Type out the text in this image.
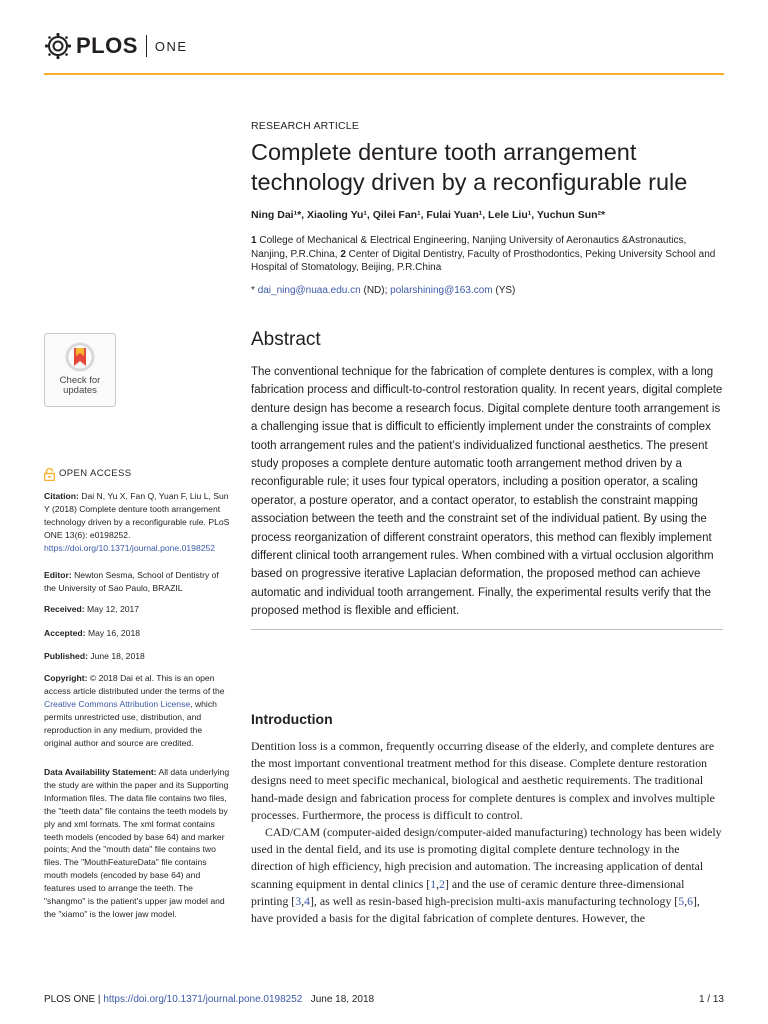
PLOS ONE
RESEARCH ARTICLE
Complete denture tooth arrangement technology driven by a reconfigurable rule
Ning Dai¹*, Xiaoling Yu¹, Qilei Fan¹, Fulai Yuan¹, Lele Liu¹, Yuchun Sun²*
1 College of Mechanical & Electrical Engineering, Nanjing University of Aeronautics &Astronautics, Nanjing, P.R.China, 2 Center of Digital Dentistry, Faculty of Prosthodontics, Peking University School and Hospital of Stomatology, Beijing, P.R.China
* dai_ning@nuaa.edu.cn (ND); polarshining@163.com (YS)
Abstract

The conventional technique for the fabrication of complete dentures is complex, with a long fabrication process and difficult-to-control restoration quality. In recent years, digital complete denture design has become a research focus. Digital complete denture tooth arrangement is a challenging issue that is difficult to efficiently implement under the constraints of complex tooth arrangement rules and the patient’s individualized functional aesthetics. The present study proposes a complete denture automatic tooth arrangement method driven by a reconfigurable rule; it uses four typical operators, including a position operator, a scaling operator, a posture operator, and a contact operator, to establish the constraint mapping association between the teeth and the constraint set of the individual patient. By using the process reorganization of different constraint operators, this method can flexibly implement different clinical tooth arrangement rules. When combined with a virtual occlusion algorithm based on progressive iterative Laplacian deformation, the proposed method can achieve automatic and individual tooth arrangement. Finally, the experimental results verify that the proposed method is flexible and efficient.

Introduction

Dentition loss is a common, frequently occurring disease of the elderly, and complete dentures are the most important conventional treatment method for this disease. Complete denture restoration designs need to meet specific mechanical, biological and aesthetic requirements. The traditional hand-made design and fabrication process for complete dentures is complex and involves multiple processes. Furthermore, the process is difficult to control.

CAD/CAM (computer-aided design/computer-aided manufacturing) technology has been widely used in the dental field, and its use is promoting digital complete denture technology in the direction of high efficiency, high precision and automation. The increasing application of dental scanning equipment in dental clinics [1,2] and the use of ceramic denture three-dimensional printing [3,4], as well as resin-based high-precision multi-axis manufacturing technology [5,6], have provided a basis for the digital fabrication of complete dentures. However, the

Check for
updates
OPEN ACCESS
Citation: Dai N, Yu X, Fan Q, Yuan F, Liu L, Sun Y (2018) Complete denture tooth arrangement technology driven by a reconfigurable rule. PLoS ONE 13(6): e0198252. https://doi.org/10.1371/journal.pone.0198252
Editor: Newton Sesma, School of Dentistry of the University of Sao Paulo, BRAZIL
Received: May 12, 2017
Accepted: May 16, 2018
Published: June 18, 2018
Copyright: © 2018 Dai et al. This is an open access article distributed under the terms of the Creative Commons Attribution License, which permits unrestricted use, distribution, and reproduction in any medium, provided the original author and source are credited.
Data Availability Statement: All data underlying the study are within the paper and its Supporting Information files. The data file contains two files, the "teeth data" file contains the teeth models by ply and xml formats. The xml format contains teeth models (encoded by base 64) and marker points; And the "mouth data" file contains two files. The "MouthFeatureData" file contains mouth models (encoded by base 64) and features used to arrange the teeth. The "shangmo" is the patient's upper jaw model and the "xiamo" is the lower jaw model.
PLOS ONE
|
https://doi.org/10.1371/journal.pone.0198252
June 18, 2018	1 / 13
